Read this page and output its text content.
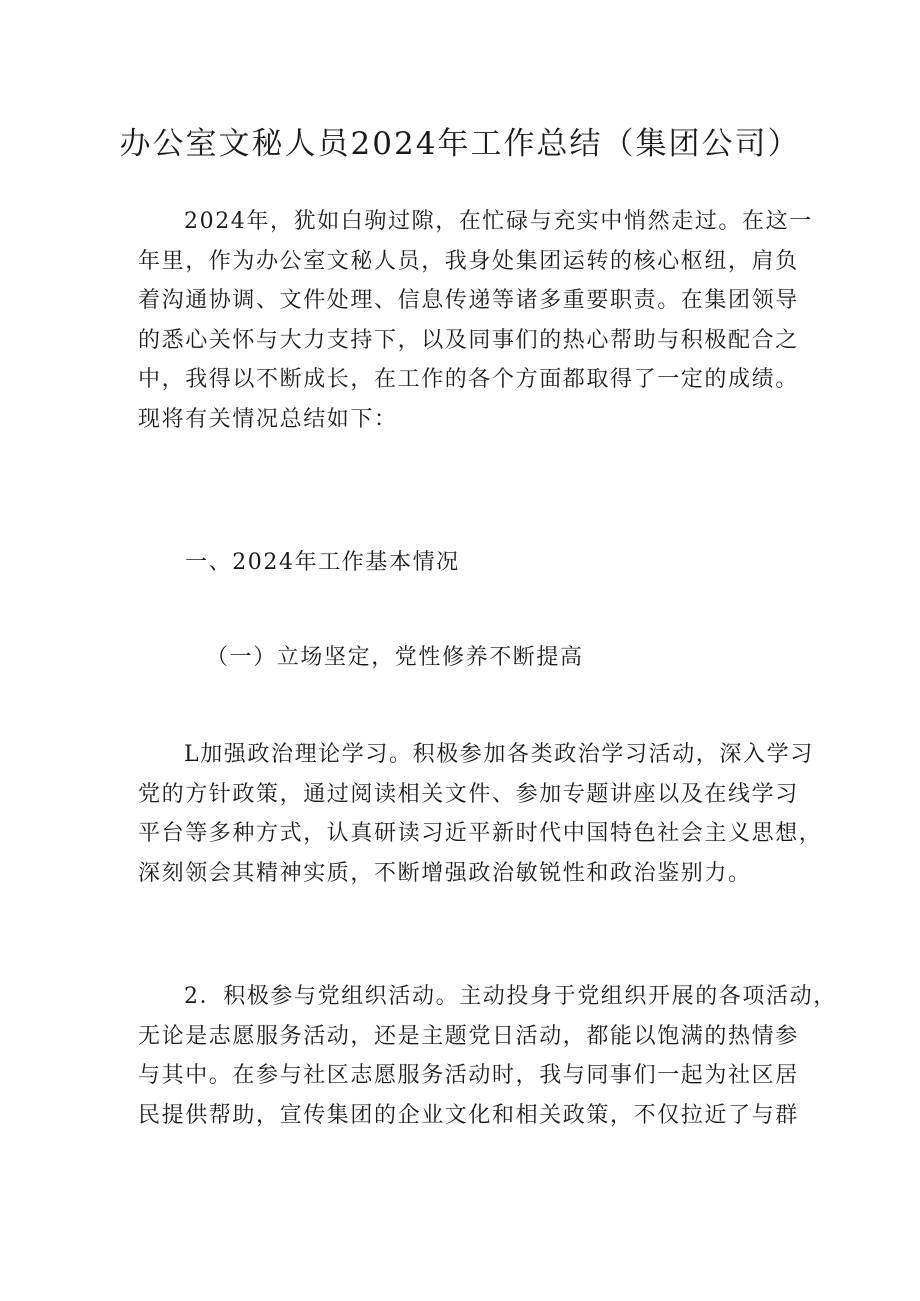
办公室文秘人员2024年工作总结（集团公司）
2024年，犹如白驹过隙，在忙碌与充实中悄然走过。在这一
年里，作为办公室文秘人员，我身处集团运转的核心枢纽，肩负
着沟通协调、文件处理、信息传递等诸多重要职责。在集团领导
的悉心关怀与大力支持下，以及同事们的热心帮助与积极配合之
中，我得以不断成长，在工作的各个方面都取得了一定的成绩。
现将有关情况总结如下：
一、2024年工作基本情况
（一）立场坚定，党性修养不断提高
L加强政治理论学习。积极参加各类政治学习活动，深入学习
党的方针政策，通过阅读相关文件、参加专题讲座以及在线学习
平台等多种方式，认真研读习近平新时代中国特色社会主义思想，
深刻领会其精神实质，不断增强政治敏锐性和政治鉴别力。
2．积极参与党组织活动。主动投身于党组织开展的各项活动，
无论是志愿服务活动，还是主题党日活动，都能以饱满的热情参
与其中。在参与社区志愿服务活动时，我与同事们一起为社区居
民提供帮助，宣传集团的企业文化和相关政策，不仅拉近了与群
